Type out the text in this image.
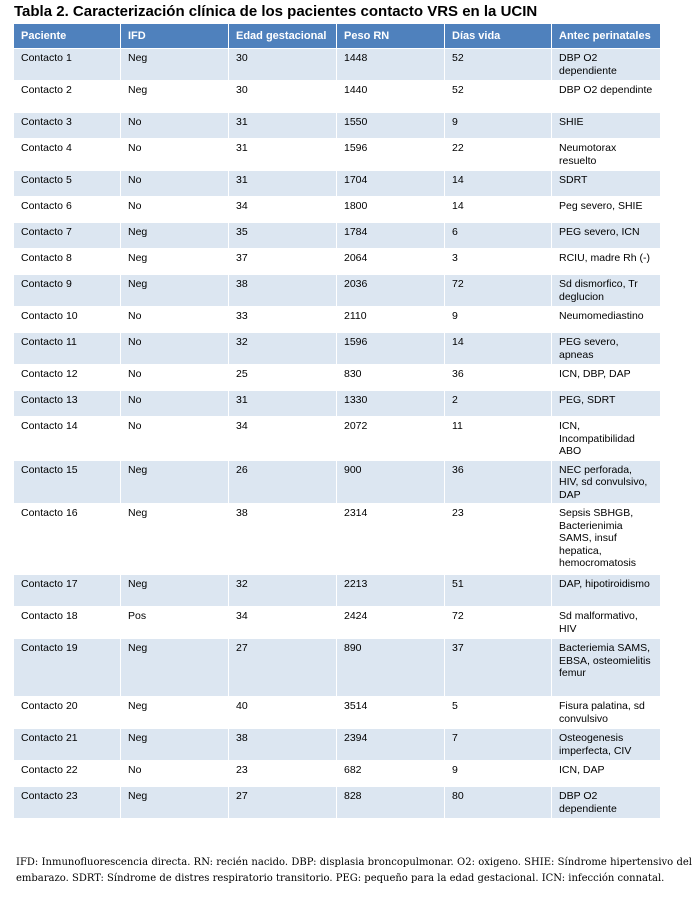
Tabla 2. Caracterización clínica de los pacientes contacto VRS en la UCIN
Paciente	IFD	Edad gestacional	Peso RN	Días vida	Antec perinatales
Contacto 1	Neg	30	1448	52	DBP O2 dependiente
Contacto 2	Neg	30	1440	52	DBP O2 dependinte
Contacto 3	No	31	1550	9	SHIE
Contacto 4	No	31	1596	22	Neumotorax resuelto
Contacto 5	No	31	1704	14	SDRT
Contacto 6	No	34	1800	14	Peg severo, SHIE
Contacto 7	Neg	35	1784	6	PEG severo, ICN
Contacto 8	Neg	37	2064	3	RCIU, madre Rh (-)
Contacto 9	Neg	38	2036	72	Sd dismorfico, Tr deglucion
Contacto 10	No	33	2110	9	Neumomediastino
Contacto 11	No	32	1596	14	PEG severo, apneas
Contacto 12	No	25	830	36	ICN, DBP, DAP
Contacto 13	No	31	1330	2	PEG, SDRT
Contacto 14	No	34	2072	11	ICN, Incompatibilidad ABO
Contacto 15	Neg	26	900	36	NEC perforada, HIV, sd convulsivo, DAP
Contacto 16	Neg	38	2314	23	Sepsis SBHGB, Bacterienimia SAMS, insuf hepatica, hemocromatosis
Contacto 17	Neg	32	2213	51	DAP, hipotiroidismo
Contacto 18	Pos	34	2424	72	Sd malformativo, HIV
Contacto 19	Neg	27	890	37	Bacteriemia SAMS, EBSA, osteomielitis femur
Contacto 20	Neg	40	3514	5	Fisura palatina, sd convulsivo
Contacto 21	Neg	38	2394	7	Osteogenesis imperfecta, CIV
Contacto 22	No	23	682	9	ICN, DAP
Contacto 23	Neg	27	828	80	DBP O2 dependiente
IFD: Inmunofluorescencia directa. RN: recién nacido. DBP: displasia broncopulmonar. O2: oxigeno. SHIE: Síndrome hipertensivo del embarazo. SDRT: Síndrome de distres respiratorio transitorio. PEG: pequeño para la edad gestacional. ICN: infección connatal.
